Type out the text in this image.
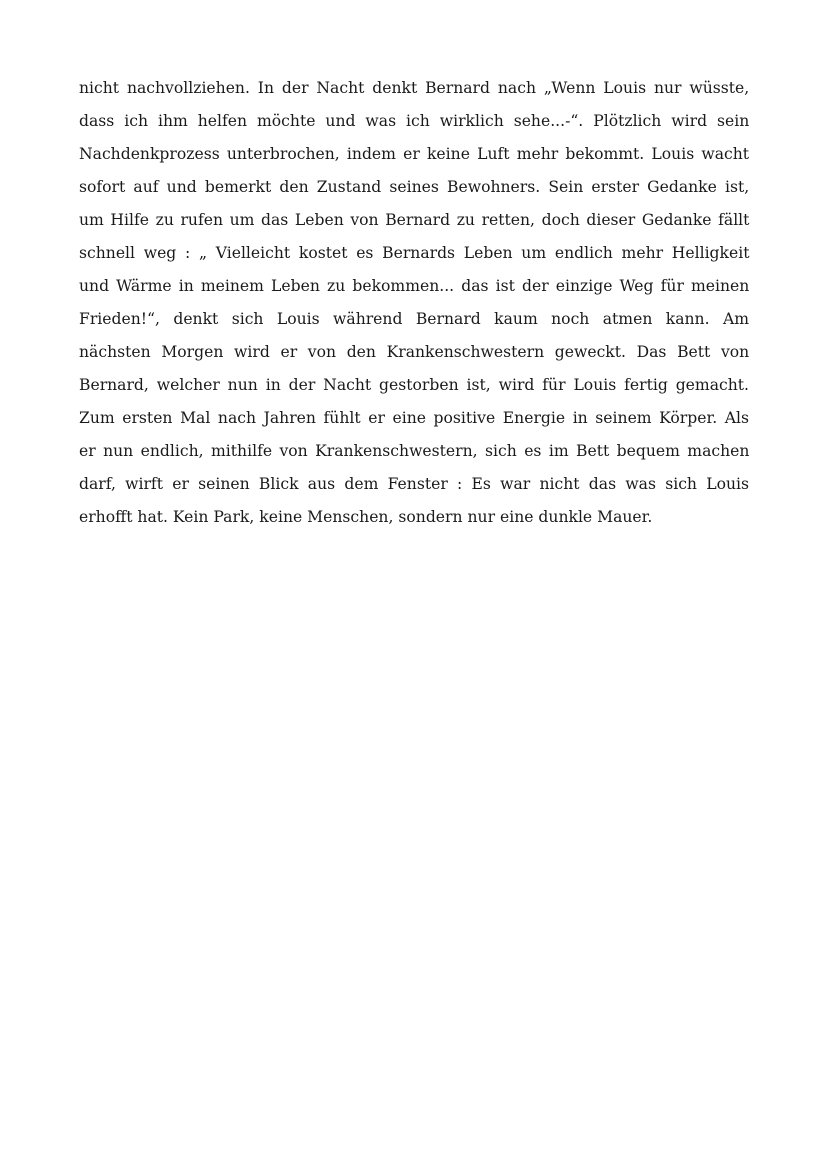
nicht nachvollziehen. In der Nacht denkt Bernard nach „Wenn Louis nur wüsste,
dass ich ihm helfen möchte und was ich wirklich sehe...-“. Plötzlich wird sein
Nachdenkprozess unterbrochen, indem er keine Luft mehr bekommt. Louis wacht
sofort auf und bemerkt den Zustand seines Bewohners. Sein erster Gedanke ist,
um Hilfe zu rufen um das Leben von Bernard zu retten, doch dieser Gedanke fällt
schnell weg : „ Vielleicht kostet es Bernards Leben um endlich mehr Helligkeit
und Wärme in meinem Leben zu bekommen... das ist der einzige Weg für meinen
Frieden!“, denkt sich Louis während Bernard kaum noch atmen kann. Am
nächsten Morgen wird er von den Krankenschwestern geweckt. Das Bett von
Bernard, welcher nun in der Nacht gestorben ist, wird für Louis fertig gemacht.
Zum ersten Mal nach Jahren fühlt er eine positive Energie in seinem Körper. Als
er nun endlich, mithilfe von Krankenschwestern, sich es im Bett bequem machen
darf, wirft er seinen Blick aus dem Fenster : Es war nicht das was sich Louis
erhofft hat. Kein Park, keine Menschen, sondern nur eine dunkle Mauer.
